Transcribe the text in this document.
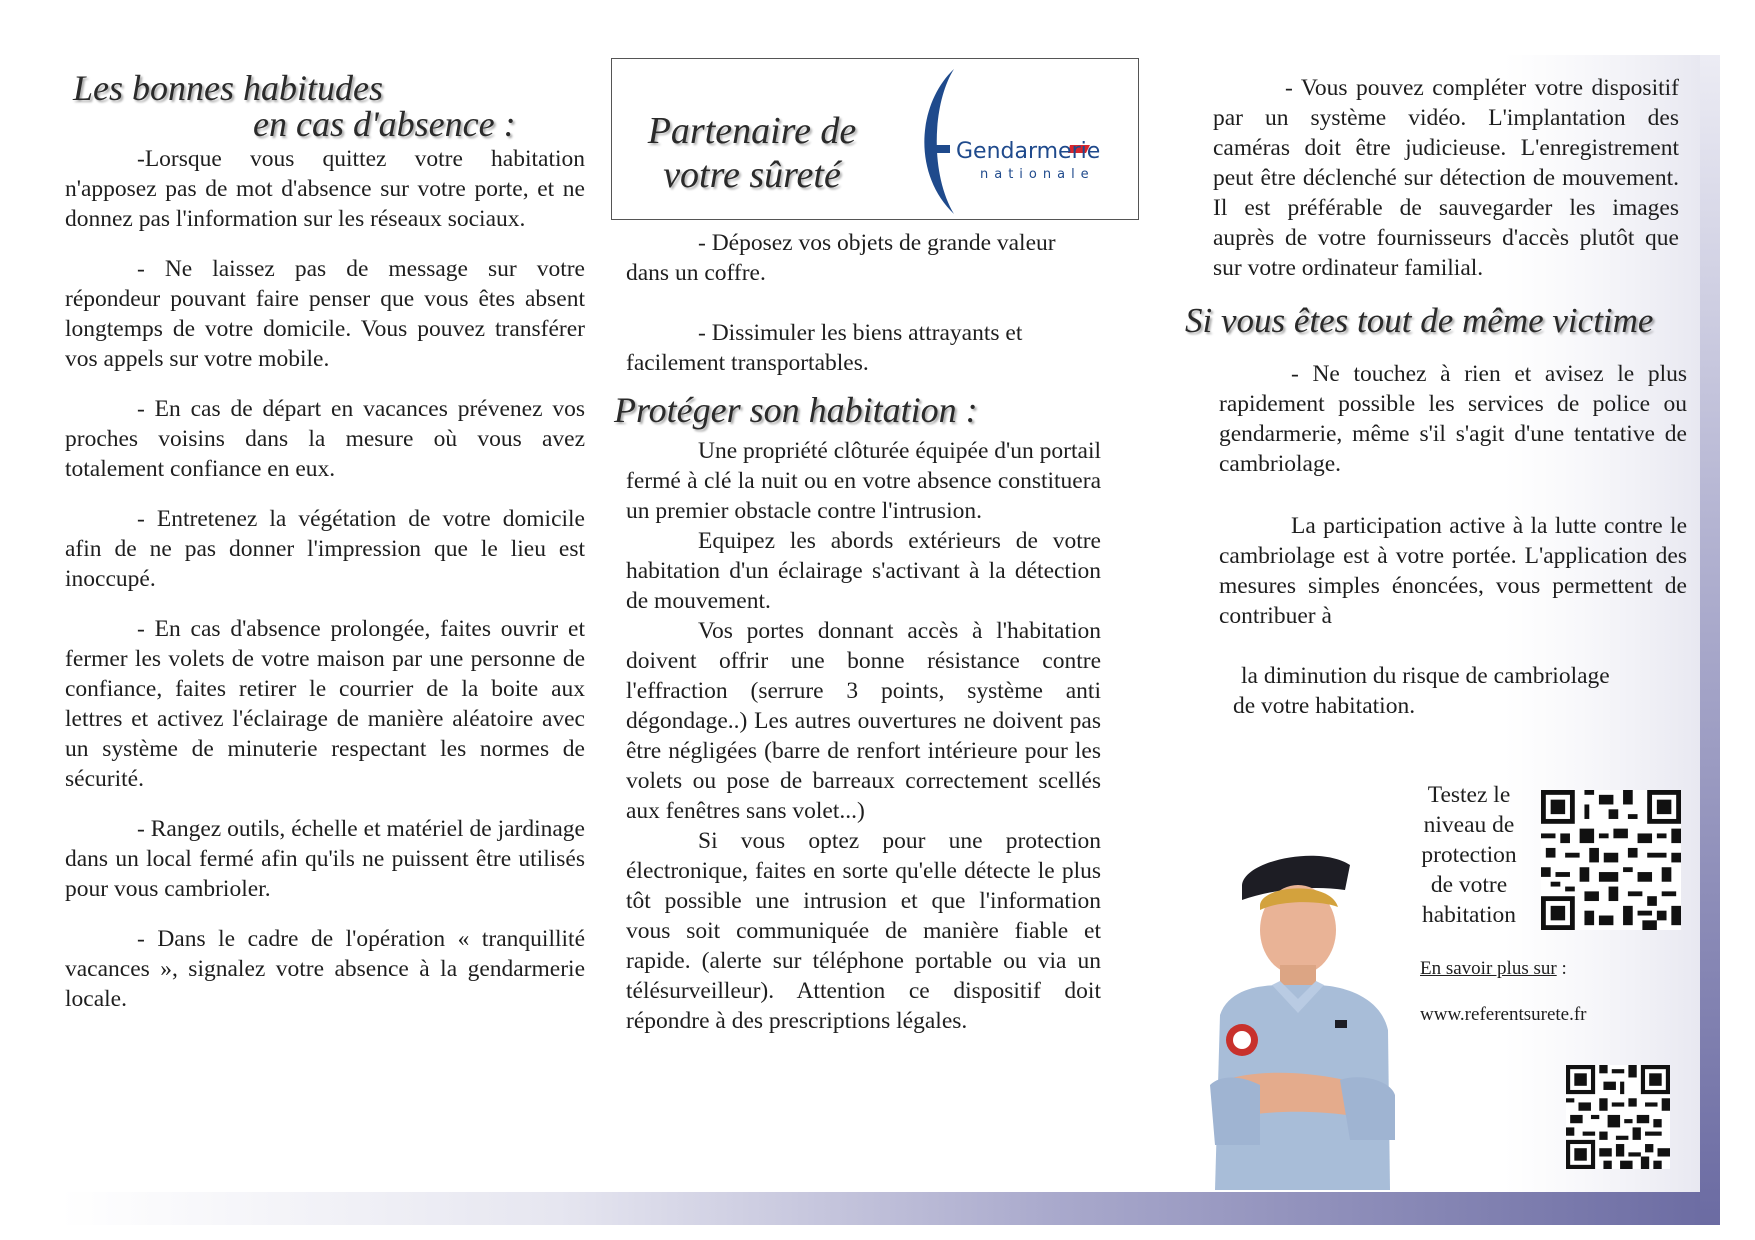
Les bonnes habitudes
en cas d'absence :

-Lorsque vous quittez votre habitation n'apposez pas de mot d'absence sur votre porte, et ne donnez pas l'information sur les réseaux sociaux.

- Ne laissez pas de message sur votre répondeur pouvant faire penser que vous êtes absent longtemps de votre domicile. Vous pouvez transférer vos appels sur votre mobile.

- En cas de départ en vacances prévenez vos proches voisins dans la mesure où vous avez totalement confiance en eux.

- Entretenez la végétation de votre domicile afin de ne pas donner l'impression que le lieu est inoccupé.

- En cas d'absence prolongée, faites ouvrir et fermer les volets de votre maison par une personne de confiance, faites retirer le courrier de la boite aux lettres et activez l'éclairage de manière aléatoire avec un système de minuterie respectant les normes de sécurité.

- Rangez outils, échelle et matériel de jardinage dans un local fermé afin qu'ils ne puissent être utilisés pour vous cambrioler.

- Dans le cadre de l'opération « tranquillité vacances », signalez votre absence à la gendarmerie locale.

Partenaire de
votre sûreté
Gendarmerie
nationale

- Déposez vos objets de grande valeur dans un coffre.

- Dissimuler les biens attrayants et facilement transportables.

Protéger son habitation :

Une propriété clôturée équipée d'un portail fermé à clé la nuit ou en votre absence constituera un premier obstacle contre l'intrusion.

Equipez les abords extérieurs de votre habitation d'un éclairage s'activant à la détection de mouvement.

Vos portes donnant accès à l'habitation doivent offrir une bonne résistance contre l'effraction (serrure 3 points, système anti dégondage..) Les autres ouvertures ne doivent pas être négligées (barre de renfort intérieure pour les volets ou pose de barreaux correctement scellés aux fenêtres sans volet...)

Si vous optez pour une protection électronique, faites en sorte qu'elle détecte le plus tôt possible une intrusion et que l'information vous soit communiquée de manière fiable et rapide. (alerte sur téléphone portable ou via un télésurveilleur). Attention ce dispositif doit répondre à des prescriptions légales.

- Vous pouvez compléter votre dispositif par un système vidéo. L'implantation des caméras doit être judicieuse. L'enregistrement peut être déclenché sur détection de mouvement. Il est préférable de sauvegarder les images auprès de votre fournisseurs d'accès plutôt que sur votre ordinateur familial.

Si vous êtes tout de même victime

- Ne touchez à rien et avisez le plus rapidement possible les services de police ou gendarmerie, même s'il s'agit d'une tentative de cambriolage.

La participation active à la lutte contre le cambriolage est à votre portée. L'application des mesures simples énoncées, vous permettent de contribuer à

la diminution du risque de cambriolage
de votre habitation.
Testez le
niveau de
protection
de votre
habitation
En savoir plus sur :
www.referentsurete.fr
